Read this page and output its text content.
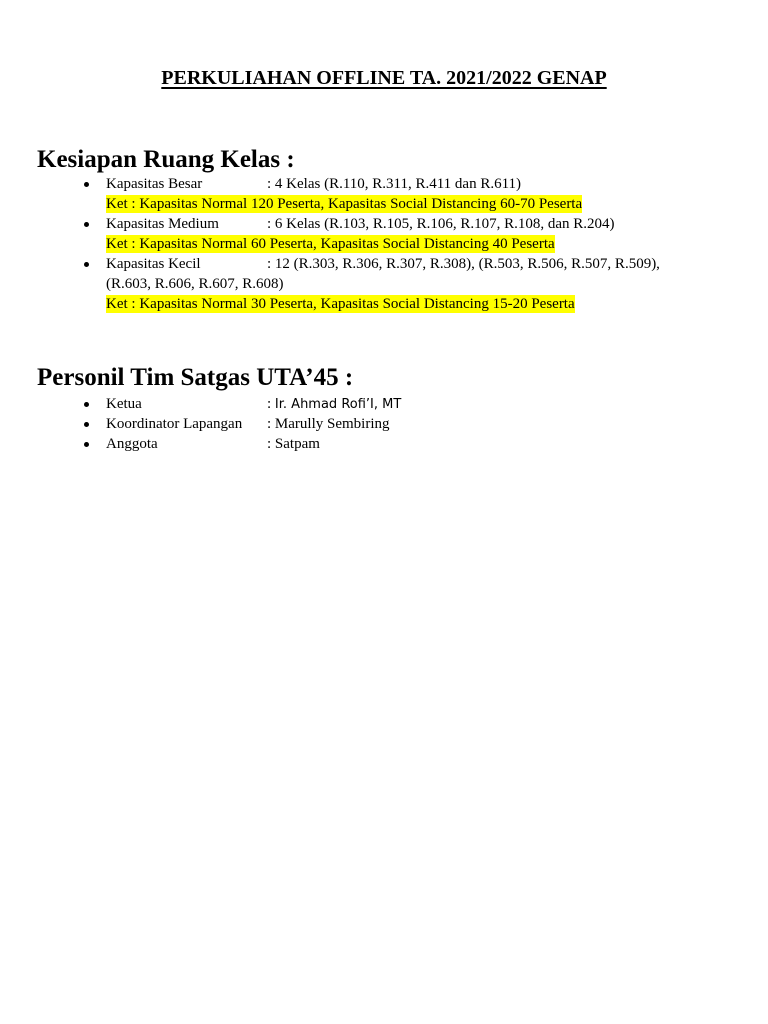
PERKULIAHAN OFFLINE TA. 2021/2022 GENAP
Kesiapan Ruang Kelas :
Kapasitas Besar	: 4 Kelas (R.110, R.311, R.411 dan R.611)
Ket : Kapasitas Normal 120 Peserta, Kapasitas Social Distancing 60-70 Peserta
Kapasitas Medium	: 6 Kelas (R.103, R.105, R.106, R.107, R.108, dan R.204)
Ket : Kapasitas Normal 60 Peserta, Kapasitas Social Distancing 40 Peserta
Kapasitas Kecil	: 12 (R.303, R.306, R.307, R.308), (R.503, R.506, R.507, R.509),
(R.603, R.606, R.607, R.608)
Ket : Kapasitas Normal 30 Peserta, Kapasitas Social Distancing 15-20 Peserta
Personil Tim Satgas UTA’45 :
Ketua	: Ir. Ahmad Rofi’I, MT
Koordinator Lapangan : Marully Sembiring
Anggota	: Satpam
